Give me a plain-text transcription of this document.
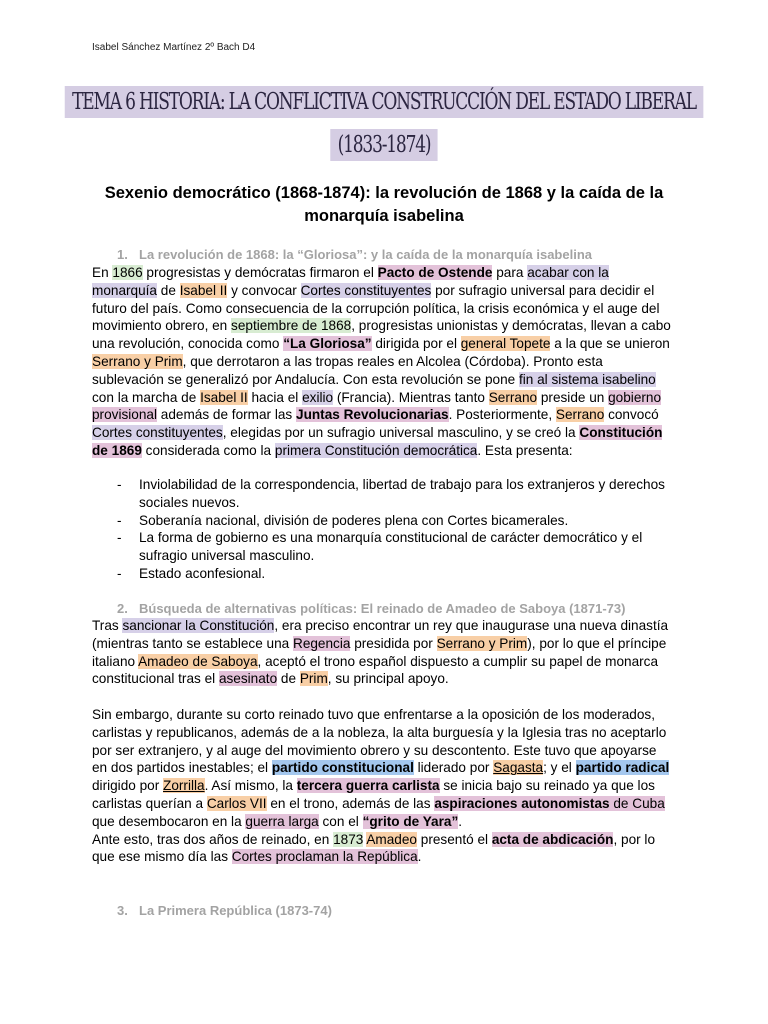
Isabel Sánchez Martínez 2º Bach D4
TEMA 6 HISTORIA: LA CONFLICTIVA CONSTRUCCIÓN DEL ESTADO LIBERAL
(1833-1874)
Sexenio democrático (1868-1874): la revolución de 1868 y la caída de la monarquía isabelina
1. La revolución de 1868: la “Gloriosa”: y la caída de la monarquía isabelina

En 1866 progresistas y demócratas firmaron el Pacto de Ostende para acabar con la monarquía de Isabel II y convocar Cortes constituyentes por sufragio universal para decidir el futuro del país. Como consecuencia de la corrupción política, la crisis económica y el auge del movimiento obrero, en septiembre de 1868, progresistas unionistas y demócratas, llevan a cabo una revolución, conocida como “La Gloriosa” dirigida por el general Topete a la que se unieron Serrano y Prim, que derrotaron a las tropas reales en Alcolea (Córdoba). Pronto esta sublevación se generalizó por Andalucía. Con esta revolución se pone fin al sistema isabelino con la marcha de Isabel II hacia el exilio (Francia). Mientras tanto Serrano preside un gobierno provisional además de formar las Juntas Revolucionarias. Posteriormente, Serrano convocó Cortes constituyentes, elegidas por un sufragio universal masculino, y se creó la Constitución de 1869 considerada como la primera Constitución democrática. Esta presenta:

- Inviolabilidad de la correspondencia, libertad de trabajo para los extranjeros y derechos sociales nuevos.
- Soberanía nacional, división de poderes plena con Cortes bicamerales.
- La forma de gobierno es una monarquía constitucional de carácter democrático y el sufragio universal masculino.
- Estado aconfesional.
2. Búsqueda de alternativas políticas: El reinado de Amadeo de Saboya (1871-73)

Tras sancionar la Constitución, era preciso encontrar un rey que inaugurase una nueva dinastía (mientras tanto se establece una Regencia presidida por Serrano y Prim), por lo que el príncipe italiano Amadeo de Saboya, aceptó el trono español dispuesto a cumplir su papel de monarca constitucional tras el asesinato de Prim, su principal apoyo.

Sin embargo, durante su corto reinado tuvo que enfrentarse a la oposición de los moderados, carlistas y republicanos, además de a la nobleza, la alta burguesía y la Iglesia tras no aceptarlo por ser extranjero, y al auge del movimiento obrero y su descontento. Este tuvo que apoyarse en dos partidos inestables; el partido constitucional liderado por Sagasta; y el partido radical dirigido por Zorrilla. Así mismo, la tercera guerra carlista se inicia bajo su reinado ya que los carlistas querían a Carlos VII en el trono, además de las aspiraciones autonomistas de Cuba que desembocaron en la guerra larga con el “grito de Yara”.

Ante esto, tras dos años de reinado, en 1873 Amadeo presentó el acta de abdicación, por lo que ese mismo día las Cortes proclaman la República.

3. La Primera República (1873-74)
